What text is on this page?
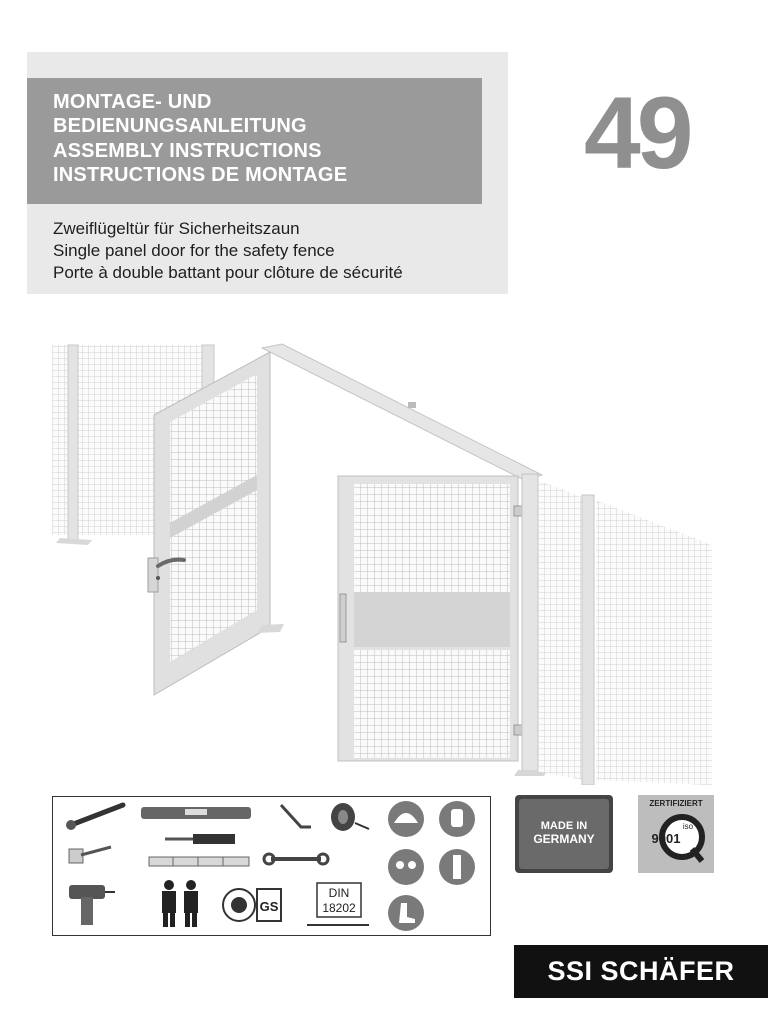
MONTAGE- UND
BEDIENUNGSANLEITUNG
ASSEMBLY INSTRUCTIONS
INSTRUCTIONS DE MONTAGE
Zweiflügeltür für Sicherheitszaun
Single panel door for the safety fence
Porte à double battant pour clôture de sécurité
49
GS
DIN
18202
MADE IN
GERMANY
ZERTIFIZIERT
iso
9001
SSI SCHÄFER
